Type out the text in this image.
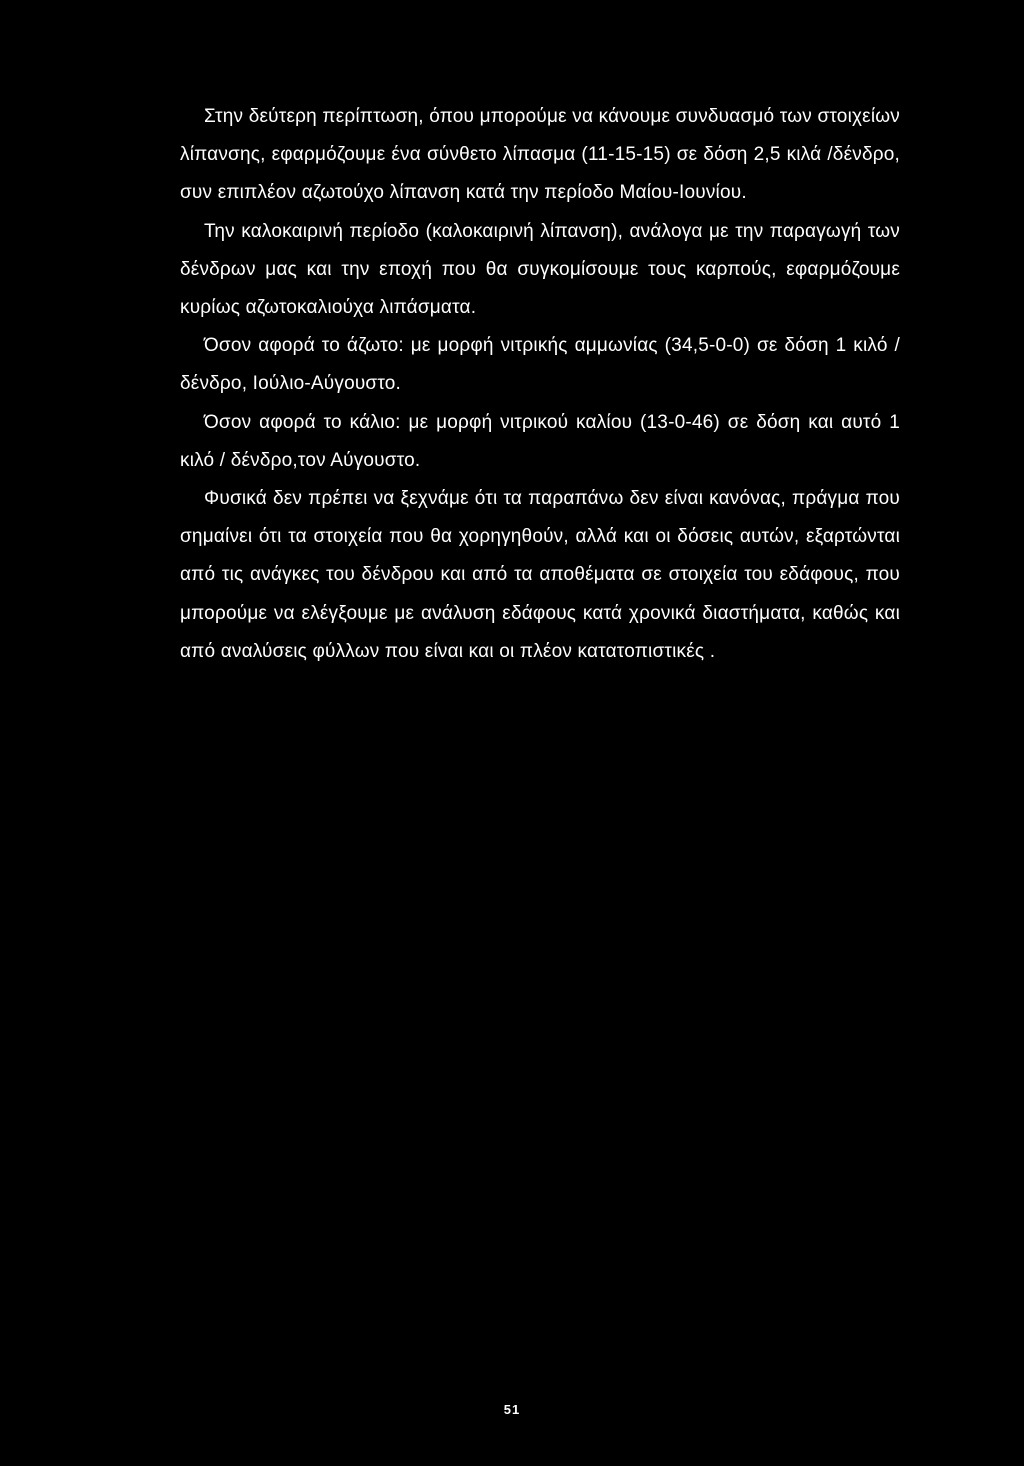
Στην δεύτερη περίπτωση, όπου μπορούμε να κάνουμε συνδυασμό των στοιχείων λίπανσης, εφαρμόζουμε ένα σύνθετο λίπασμα (11-15-15) σε δόση 2,5 κιλά /δένδρο, συν επιπλέον αζωτούχο λίπανση κατά την περίοδο Μαίου-Ιουνίου.

Την καλοκαιρινή περίοδο (καλοκαιρινή λίπανση), ανάλογα με την παραγωγή των δένδρων μας και την εποχή που θα συγκομίσουμε τους καρπούς, εφαρμόζουμε κυρίως αζωτοκαλιούχα λιπάσματα.

Όσον αφορά το άζωτο: με μορφή νιτρικής αμμωνίας (34,5-0-0) σε δόση 1 κιλό /δένδρο, Ιούλιο-Αύγουστο.

Όσον αφορά το κάλιο: με μορφή νιτρικού καλίου (13-0-46) σε δόση και αυτό 1 κιλό / δένδρο,τον Αύγουστο.

Φυσικά δεν πρέπει να ξεχνάμε ότι τα παραπάνω δεν είναι κανόνας, πράγμα που σημαίνει ότι τα στοιχεία που θα χορηγηθούν, αλλά και οι δόσεις αυτών, εξαρτώνται από τις ανάγκες του δένδρου και από τα αποθέματα σε στοιχεία του εδάφους, που μπορούμε να ελέγξουμε με ανάλυση εδάφους κατά χρονικά διαστήματα, καθώς και από αναλύσεις φύλλων που είναι και οι πλέον κατατοπιστικές .

51
